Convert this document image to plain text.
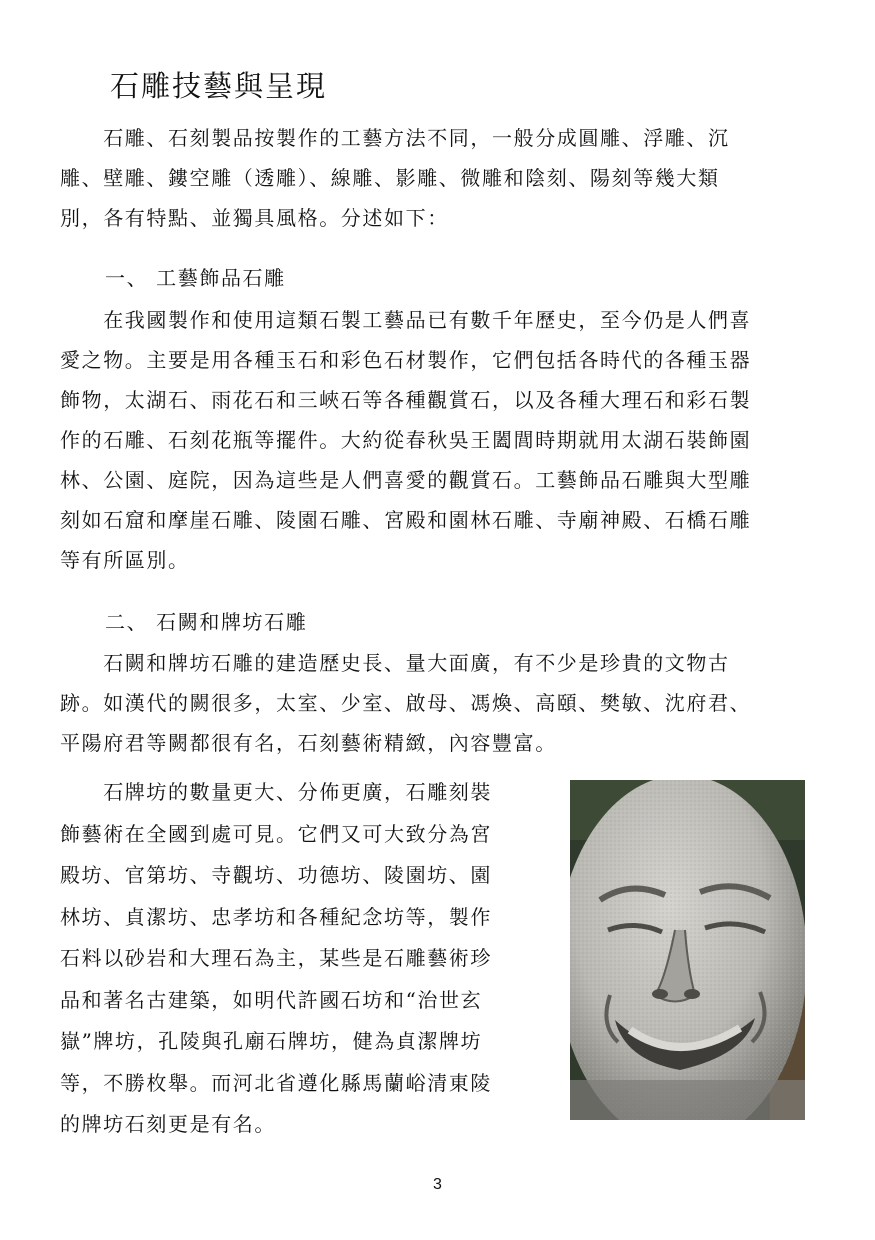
石雕技藝與呈現
　　石雕、石刻製品按製作的工藝方法不同，一般分成圓雕、浮雕、沉
雕、壁雕、鏤空雕（透雕）、線雕、影雕、微雕和陰刻、陽刻等幾大類
別，各有特點、並獨具風格。分述如下：
一、 工藝飾品石雕
　　在我國製作和使用這類石製工藝品已有數千年歷史，至今仍是人們喜
愛之物。主要是用各種玉石和彩色石材製作，它們包括各時代的各種玉器
飾物，太湖石、雨花石和三峽石等各種觀賞石，以及各種大理石和彩石製
作的石雕、石刻花瓶等擺件。大約從春秋吳王闔閭時期就用太湖石裝飾園
林、公園、庭院，因為這些是人們喜愛的觀賞石。工藝飾品石雕與大型雕
刻如石窟和摩崖石雕、陵園石雕、宮殿和園林石雕、寺廟神殿、石橋石雕
等有所區別。
二、 石闕和牌坊石雕
　　石闕和牌坊石雕的建造歷史長、量大面廣，有不少是珍貴的文物古
跡。如漢代的闕很多，太室、少室、啟母、馮煥、高頤、樊敏、沈府君、
平陽府君等闕都很有名，石刻藝術精緻，內容豐富。
　　石牌坊的數量更大、分佈更廣，石雕刻裝
飾藝術在全國到處可見。它們又可大致分為宮
殿坊、官第坊、寺觀坊、功德坊、陵園坊、園
林坊、貞潔坊、忠孝坊和各種紀念坊等，製作
石料以砂岩和大理石為主，某些是石雕藝術珍
品和著名古建築，如明代許國石坊和“治世玄
嶽”牌坊，孔陵與孔廟石牌坊，健為貞潔牌坊
等，不勝枚舉。而河北省遵化縣馬蘭峪清東陵
的牌坊石刻更是有名。
3
